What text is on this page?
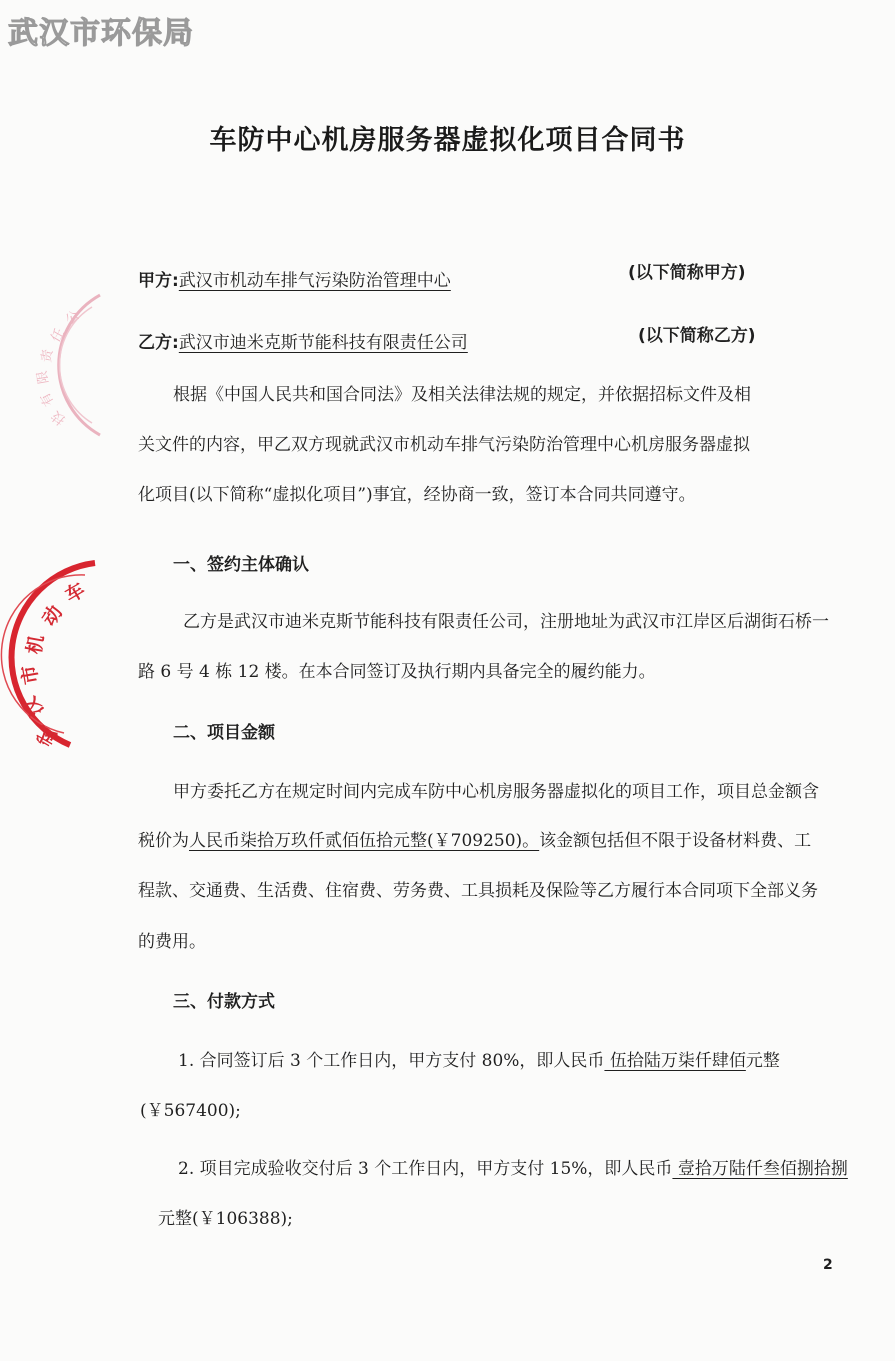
武汉市环保局
公
任
责
限
有
技
车
动
机
市
汉
武
车防中心机房服务器虚拟化项目合同书
甲方:武汉市机动车排气污染防治管理中心	(以下简称甲方)
乙方:武汉市迪米克斯节能科技有限责任公司	(以下简称乙方)
根据《中国人民共和国合同法》及相关法律法规的规定，并依据招标文件及相
关文件的内容，甲乙双方现就武汉市机动车排气污染防治管理中心机房服务器虚拟
化项目(以下简称“虚拟化项目”)事宜，经协商一致，签订本合同共同遵守。
一、签约主体确认
乙方是武汉市迪米克斯节能科技有限责任公司，注册地址为武汉市江岸区后湖街石桥一
路 6 号 4 栋 12 楼。在本合同签订及执行期内具备完全的履约能力。
二、项目金额
甲方委托乙方在规定时间内完成车防中心机房服务器虚拟化的项目工作，项目总金额含
税价为人民币柒拾万玖仟贰佰伍拾元整(￥709250)。该金额包括但不限于设备材料费、工
程款、交通费、生活费、住宿费、劳务费、工具损耗及保险等乙方履行本合同项下全部义务
的费用。
三、付款方式
1. 合同签订后 3 个工作日内，甲方支付 80%，即人民币 伍拾陆万柒仟肆佰元整
(￥567400);
2. 项目完成验收交付后 3 个工作日内，甲方支付 15%，即人民币 壹拾万陆仟叁佰捌拾捌
元整(￥106388);
2
